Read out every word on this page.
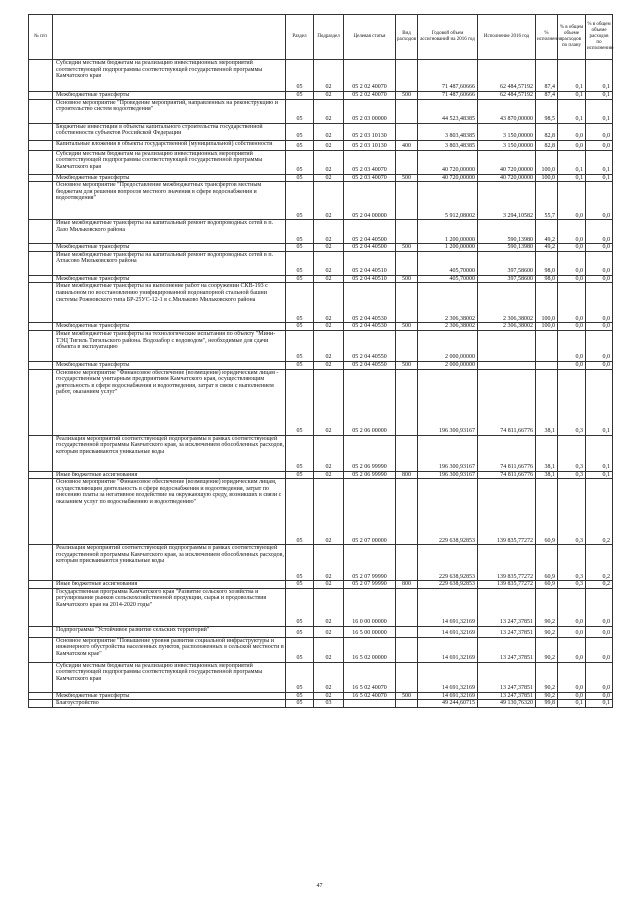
№ п/п		Раздел	Подраздел	Целевая статья	Вид расходов	Годовой объем ассигнований на 2016 год	Исполнение 2016 год	% исполнения	% в общем объеме расходов по плану	% в общем объеме расходов по исполнению
	Субсидии местным бюджетам на реализацию инвестиционных мероприятий соответствующей подпрограммы соответствующей государственной программы Камчатского края	05	02	05 2 02 40070		71 487,60666	62 484,57192	87,4	0,1	0,1
	Межбюджетные трансферты	05	02	05 2 02 40070	500	71 487,60666	62 484,57192	87,4	0,1	0,1
	Основное мероприятие "Проведение мероприятий, направленных на реконструкцию и строительство систем водоотведения"	05	02	05 2 03 00000		44 523,48385	43 870,00000	98,5	0,1	0,1
	Бюджетные инвестиции в объекты капитального строительства государственной собственности субъектов Российской Федерации	05	02	05 2 03 10130		3 803,48385	3 150,00000	82,8	0,0	0,0
	Капитальные вложения в объекты государственной (муниципальной) собственности	05	02	05 2 03 10130	400	3 803,48385	3 150,00000	82,8	0,0	0,0
	Субсидии местным бюджетам на реализацию инвестиционных мероприятий соответствующей подпрограммы соответствующей государственной программы Камчатского края	05	02	05 2 03 40070		40 720,00000	40 720,00000	100,0	0,1	0,1
	Межбюджетные трансферты	05	02	05 2 03 40070	500	40 720,00000	40 720,00000	100,0	0,1	0,1
	Основное мероприятие "Предоставление межбюджетных трансфертов местным бюджетам для решения вопросов местного значения в сфере водоснабжения и водоотведения"	05	02	05 2 04 00000		5 912,08002	3 294,10582	55,7	0,0	0,0
	Иные межбюджетные трансферты на капитальный ремонт водопроводных сетей в п. Лазо Мильковского района	05	02	05 2 04 40500		1 200,00000	590,13980	49,2	0,0	0,0
	Межбюджетные трансферты	05	02	05 2 04 40500	500	1 200,00000	590,13980	49,2	0,0	0,0
	Иные межбюджетные трансферты на капитальный ремонт водопроводных сетей в п. Атласово Мильковского района	05	02	05 2 04 40510		405,70000	397,58600	98,0	0,0	0,0
	Межбюджетные трансферты	05	02	05 2 04 40510	500	405,70000	397,58600	98,0	0,0	0,0
	Иные межбюджетные трансферты на выполнение работ на сооружении СКВ-193 с павильоном по восстановлению унифицированной водонапорной стальной башни системы Рожновского типа БР-25УС-12-1 в с.Мильково Мильковского района	05	02	05 2 04 40530		2 306,38002	2 306,38002	100,0	0,0	0,0
	Межбюджетные трансферты	05	02	05 2 04 40530	500	2 306,38002	2 306,38002	100,0	0,0	0,0
	Иные межбюджетные трансферты на технологические испытания по объекту "Мини-ТЭЦ Тигиль Тигильского района. Водозабор с водоводом", необходимые для сдачи объекта в эксплуатацию	05	02	05 2 04 40550		2 000,00000			0,0	0,0
	Межбюджетные трансферты	05	02	05 2 04 40550	500	2 000,00000			0,0	0,0
	Основное мероприятие "Финансовое обеспечение (возмещение) юридическим лицам - государственным унитарным предприятиям Камчатского края, осуществляющим деятельность в сфере водоснабжения и водоотведения, затрат в связи с выполнением работ, оказанием услуг"	05	02	05 2 06 00000		196 300,93167	74 811,66776	38,1	0,3	0,1
	Реализация мероприятий соответствующей подпрограммы в рамках соответствующей государственной программы Камчатского края, за исключением обособленных расходов, которым присваиваются уникальные коды	05	02	05 2 06 99990		196 300,93167	74 811,66776	38,1	0,3	0,1
	Иные бюджетные ассигнования	05	02	05 2 06 99990	800	196 300,93167	74 811,66776	38,1	0,3	0,1
	Основное мероприятие "Финансовое обеспечение (возмещение) юридическим лицам, осуществляющим деятельность в сфере водоснабжения и водоотведения, затрат по внесению платы за негативное воздействие на окружающую среду, возникших в связи с оказанием услуг по водоснабжению и водоотведению"	05	02	05 2 07 00000		229 638,92853	139 835,77272	60,9	0,3	0,2
	Реализация мероприятий соответствующей подпрограммы в рамках соответствующей государственной программы Камчатского края, за исключением обособленных расходов, которым присваиваются уникальные коды	05	02	05 2 07 99990		229 638,92853	139 835,77272	60,9	0,3	0,2
	Иные бюджетные ассигнования	05	02	05 2 07 99990	800	229 638,92853	139 835,77272	60,9	0,3	0,2
	Государственная программа Камчатского края "Развитие сельского хозяйства и регулирование рынков сельскохозяйственной продукции, сырья и продовольствия Камчатского края на 2014-2020 годы"	05	02	16 0 00 00000		14 691,32169	13 247,37851	90,2	0,0	0,0
	Подпрограмма "Устойчивое развитие сельских территорий"	05	02	16 5 00 00000		14 691,32169	13 247,37851	90,2	0,0	0,0
	Основное мероприятие "Повышение уровня развития социальной инфраструктуры и инженерного обустройства населенных пунктов, расположенных в сельской местности в Камчатском крае"	05	02	16 5 02 00000		14 691,32169	13 247,37851	90,2	0,0	0,0
	Субсидии местным бюджетам на реализацию инвестиционных мероприятий соответствующей подпрограммы соответствующей государственной программы Камчатского края	05	02	16 5 02 40070		14 691,32169	13 247,37851	90,2	0,0	0,0
	Межбюджетные трансферты	05	02	16 5 02 40070	500	14 691,32169	13 247,37851	90,2	0,0	0,0
	Благоустройство	05	03			49 244,60715	49 130,76320	99,8	0,1	0,1
47
